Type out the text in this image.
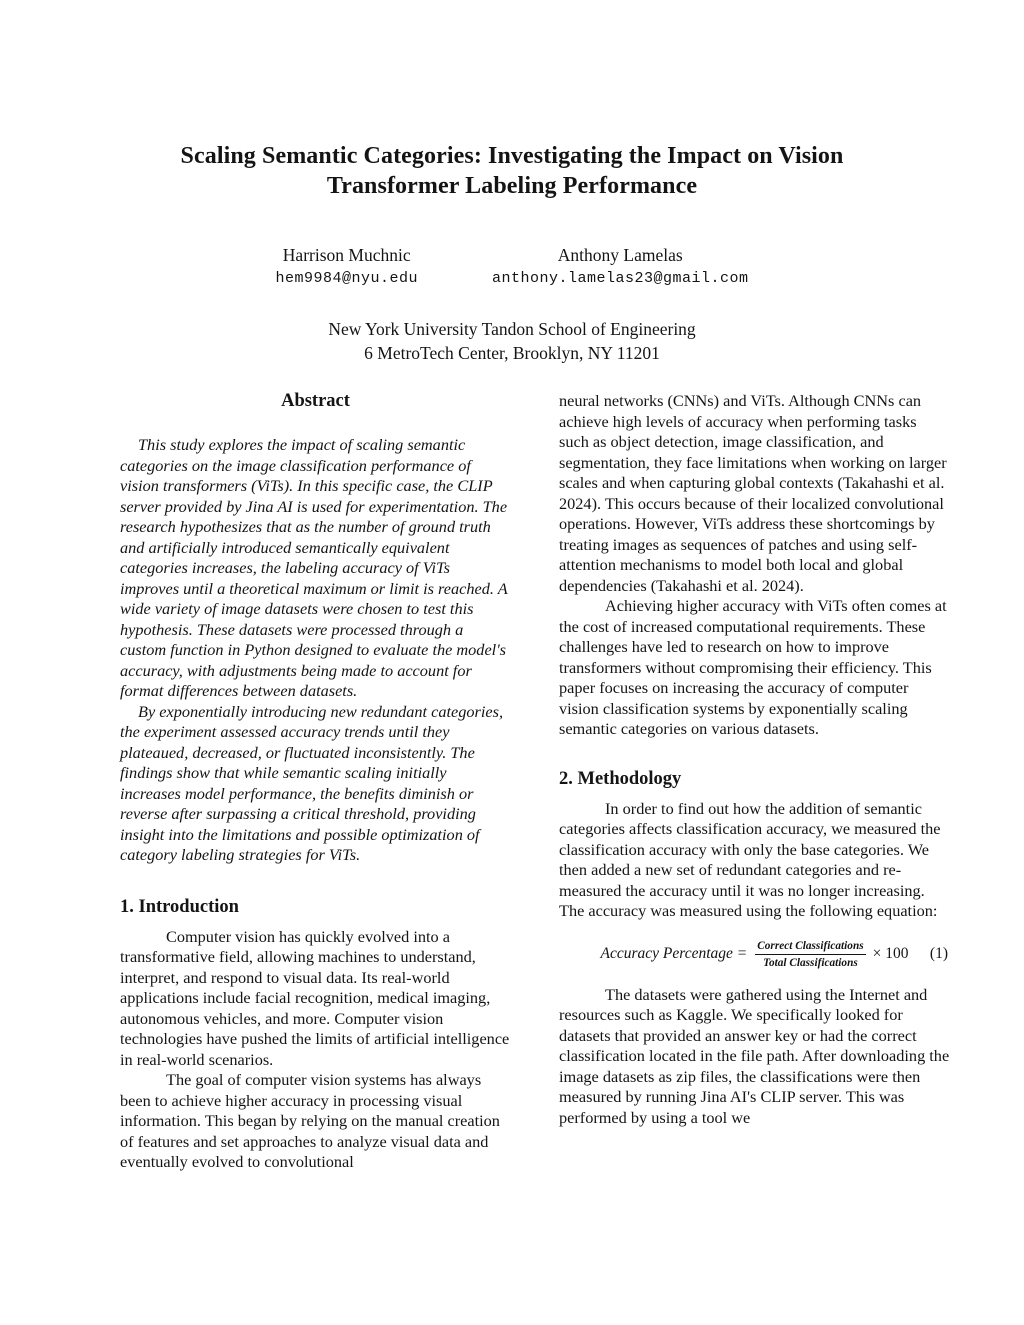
Scaling Semantic Categories: Investigating the Impact on Vision
Transformer Labeling Performance
Harrison Muchnic
hem9984@nyu.edu
Anthony Lamelas
anthony.lamelas23@gmail.com
New York University Tandon School of Engineering
6 MetroTech Center, Brooklyn, NY 11201
Abstract

This study explores the impact of scaling semantic categories on the image classification performance of vision transformers (ViTs). In this specific case, the CLIP server provided by Jina AI is used for experimentation. The research hypothesizes that as the number of ground truth and artificially introduced semantically equivalent categories increases, the labeling accuracy of ViTs improves until a theoretical maximum or limit is reached. A wide variety of image datasets were chosen to test this hypothesis. These datasets were processed through a custom function in Python designed to evaluate the model's accuracy, with adjustments being made to account for format differences between datasets.

By exponentially introducing new redundant categories, the experiment assessed accuracy trends until they plateaued, decreased, or fluctuated inconsistently. The findings show that while semantic scaling initially increases model performance, the benefits diminish or reverse after surpassing a critical threshold, providing insight into the limitations and possible optimization of category labeling strategies for ViTs.

1. Introduction

Computer vision has quickly evolved into a transformative field, allowing machines to understand, interpret, and respond to visual data. Its real-world applications include facial recognition, medical imaging, autonomous vehicles, and more. Computer vision technologies have pushed the limits of artificial intelligence in real-world scenarios.

The goal of computer vision systems has always been to achieve higher accuracy in processing visual information. This began by relying on the manual creation of features and set approaches to analyze visual data and eventually evolved to convolutional

neural networks (CNNs) and ViTs. Although CNNs can achieve high levels of accuracy when performing tasks such as object detection, image classification, and segmentation, they face limitations when working on larger scales and when capturing global contexts (Takahashi et al. 2024). This occurs because of their localized convolutional operations. However, ViTs address these shortcomings by treating images as sequences of patches and using self-attention mechanisms to model both local and global dependencies (Takahashi et al. 2024).

Achieving higher accuracy with ViTs often comes at the cost of increased computational requirements. These challenges have led to research on how to improve transformers without compromising their efficiency. This paper focuses on increasing the accuracy of computer vision classification systems by exponentially scaling semantic categories on various datasets.

2. Methodology

In order to find out how the addition of semantic categories affects classification accuracy, we measured the classification accuracy with only the base categories. We then added a new set of redundant categories and re-measured the accuracy until it was no longer increasing. The accuracy was measured using the following equation:

Accuracy Percentage = $\frac{\text{Correct Classifications}}{\text{Total Classifications}} \times 100$ (1)

The datasets were gathered using the Internet and resources such as Kaggle. We specifically looked for datasets that provided an answer key or had the correct classification located in the file path. After downloading the image datasets as zip files, the classifications were then measured by running Jina AI's CLIP server. This was performed by using a tool we
